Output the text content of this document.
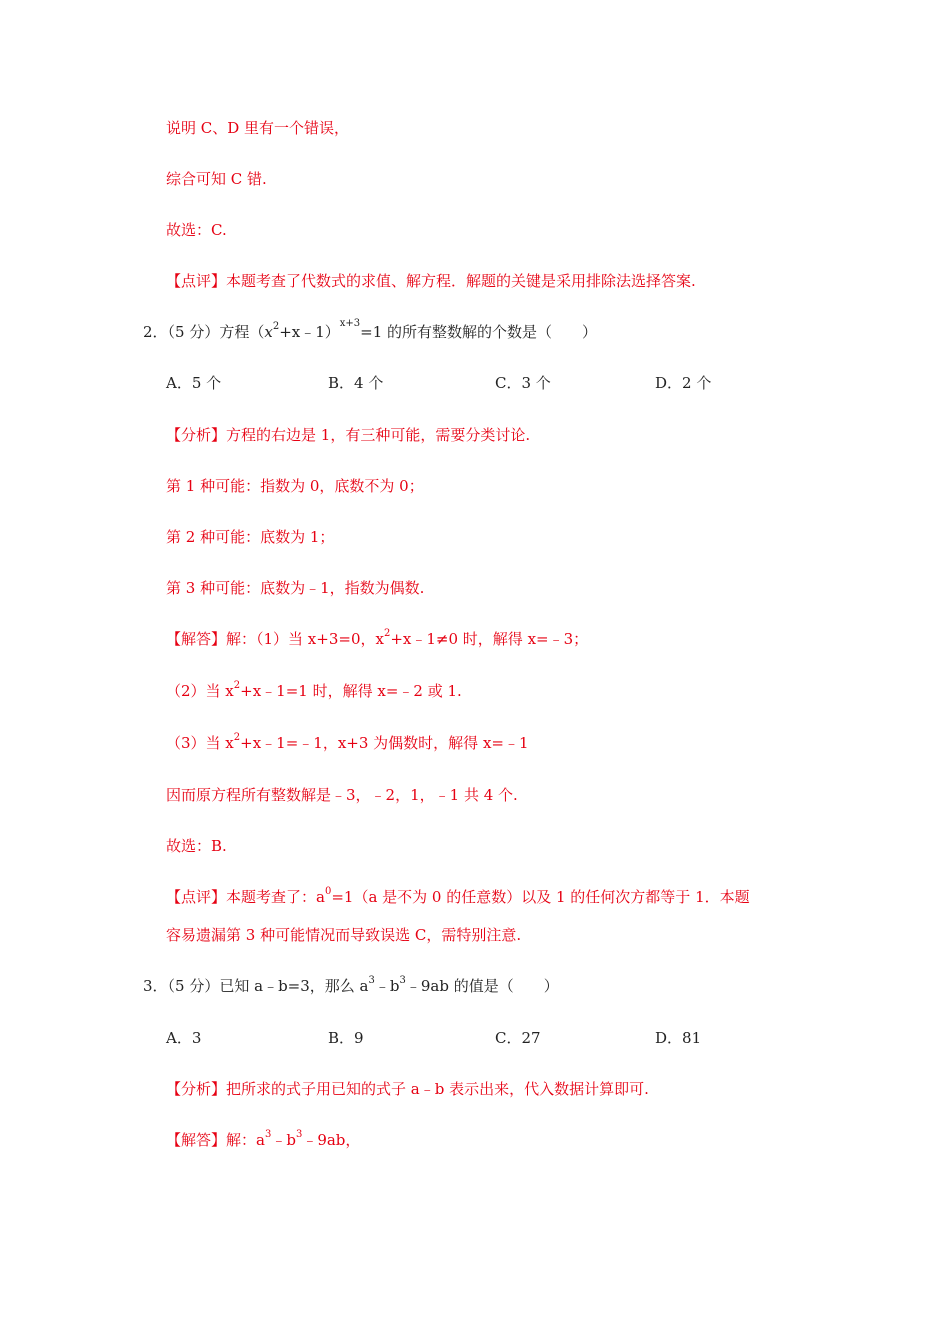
说明 C、D 里有一个错误，
综合可知 C 错.
故选：C.
【点评】本题考查了代数式的求值、解方程．解题的关键是采用排除法选择答案.
2．（5 分）方程$(x^2+x﹣1)^{x+3}=1$ 的所有整数解的个数是（　　）
A．5 个	B．4 个	C．3 个	D．2 个
【分析】方程的右边是 1，有三种可能，需要分类讨论.
第 1 种可能：指数为 0，底数不为 0；
第 2 种可能：底数为 1；
第 3 种可能：底数为﹣1，指数为偶数.
【解答】解：（1）当 x+3=0，$x^2+x﹣1\ne 0$ 时，解得 x=﹣3；
（2）当 $x^2+x﹣1=1$ 时，解得 x=﹣2 或 1.
（3）当 $x^2+x﹣1=﹣1$，x+3 为偶数时，解得 x=﹣1
因而原方程所有整数解是﹣3，﹣2，1，﹣1 共 4 个.
故选：B.
【点评】本题考查了：$a^0=1(a$ 是不为 0 的任意数）以及 1 的任何次方都等于 1．本题
容易遗漏第 3 种可能情况而导致误选 C，需特别注意.
3．（5 分）已知 a﹣b=3，那么 $a^3﹣b^3﹣9ab$ 的值是（　　）
A．3	B．9	C．27	D．81
【分析】把所求的式子用已知的式子 a﹣b 表示出来，代入数据计算即可.
【解答】解：$a^3﹣b^3﹣9ab$，
